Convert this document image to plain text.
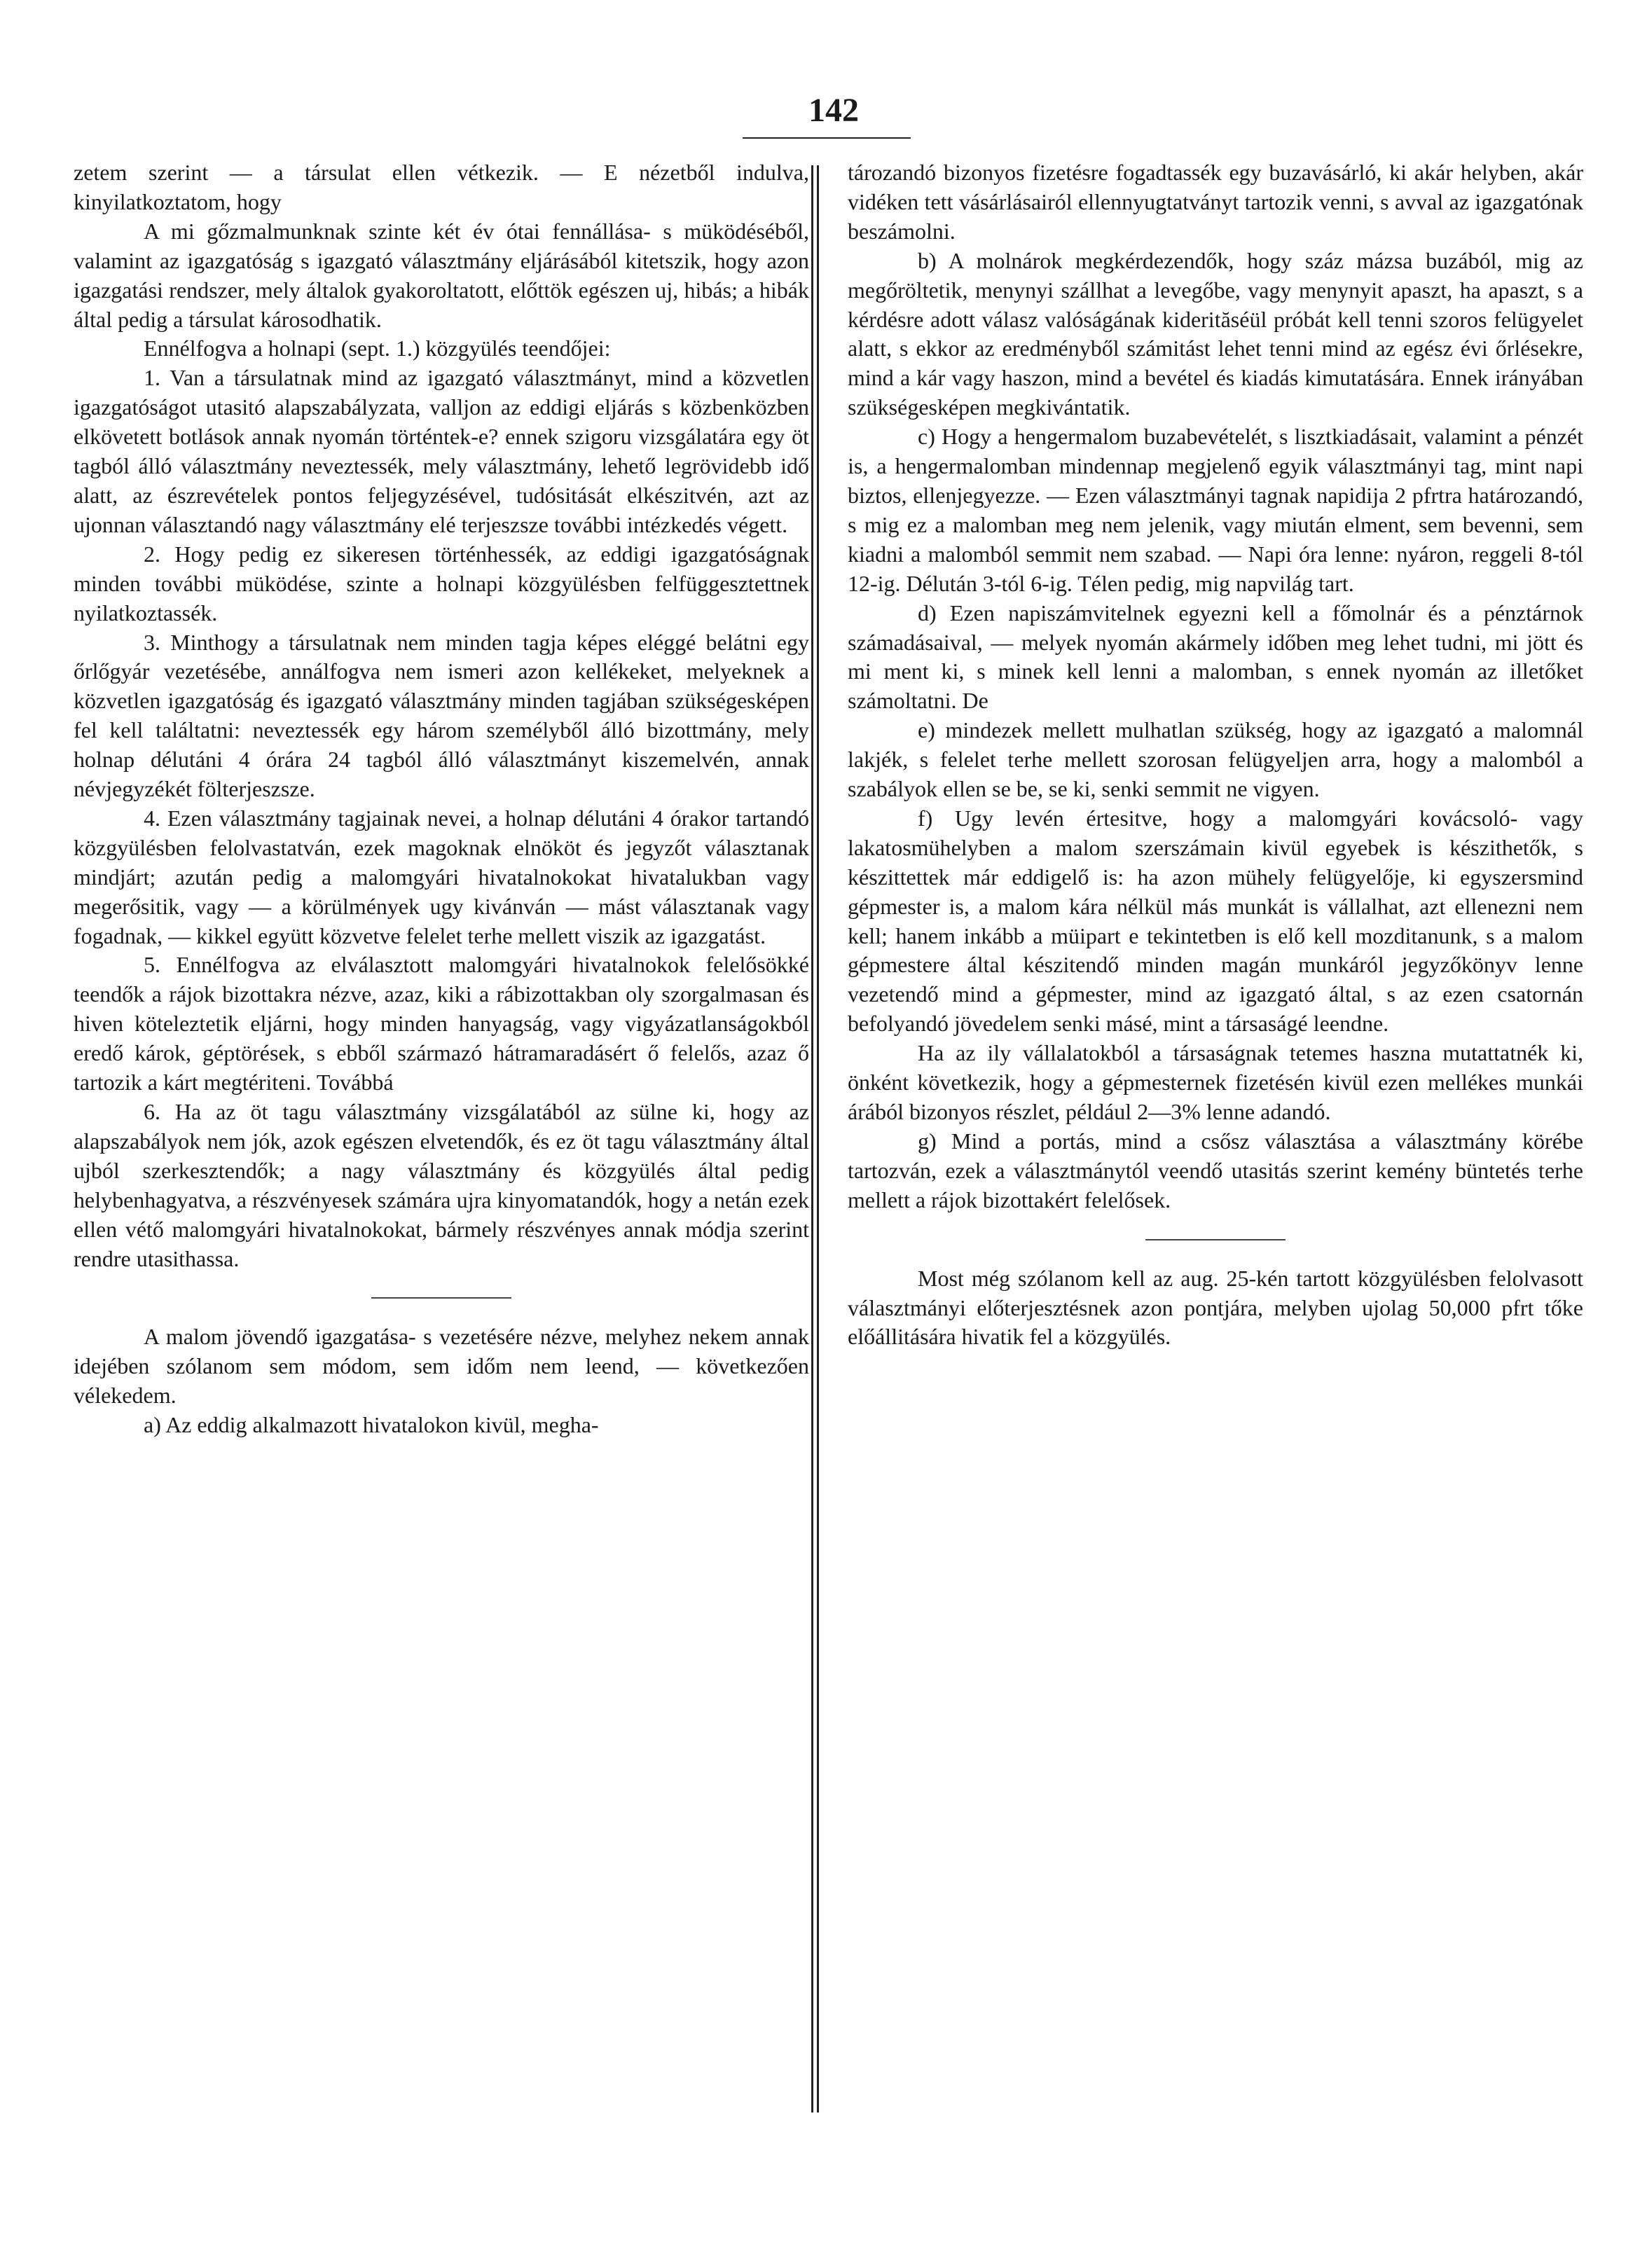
142

zetem szerint — a társulat ellen vétkezik. — E nézetből indulva, kinyilatkoztatom, hogy

A mi gőzmalmunknak szinte két év ótai fennállása- s müködéséből, valamint az igazgatóság s igazgató választmány eljárásából kitetszik, hogy azon igazgatási rendszer, mely általok gyakoroltatott, előttök egészen uj, hibás; a hibák által pedig a társulat károsodhatik.

Ennélfogva a holnapi (sept. 1.) közgyülés teendőjei:

1. Van a társulatnak mind az igazgató választmányt, mind a közvetlen igazgatóságot utasitó alapszabályzata, valljon az eddigi eljárás s közbenközben elkövetett botlások annak nyomán történtek-e? ennek szigoru vizsgálatára egy öt tagból álló választmány neveztessék, mely választmány, lehető legrövidebb idő alatt, az észrevételek pontos feljegyzésével, tudósitását elkészitvén, azt az ujonnan választandó nagy választmány elé terjeszsze további intézkedés végett.

2. Hogy pedig ez sikeresen történhessék, az eddigi igazgatóságnak minden további müködése, szinte a holnapi közgyülésben felfüggesztettnek nyilatkoztassék.

3. Minthogy a társulatnak nem minden tagja képes eléggé belátni egy őrlőgyár vezetésébe, annálfogva nem ismeri azon kellékeket, melyeknek a közvetlen igazgatóság és igazgató választmány minden tagjában szükségesképen fel kell találtatni: neveztessék egy három személyből álló bizottmány, mely holnap délutáni 4 órára 24 tagból álló választmányt kiszemelvén, annak névjegyzékét fölterjeszsze.

4. Ezen választmány tagjainak nevei, a holnap délutáni 4 órakor tartandó közgyülésben felolvastatván, ezek magoknak elnököt és jegyzőt választanak mindjárt; azután pedig a malomgyári hivatalnokokat hivatalukban vagy megerősitik, vagy — a körülmények ugy kivánván — mást választanak vagy fogadnak, — kikkel együtt közvetve felelet terhe mellett viszik az igazgatást.

5. Ennélfogva az elválasztott malomgyári hivatalnokok felelősökké teendők a rájok bizottakra nézve, azaz, kiki a rábizottakban oly szorgalmasan és hiven köteleztetik eljárni, hogy minden hanyagság, vagy vigyázatlanságokból eredő károk, géptörések, s ebből származó hátramaradásért ő felelős, azaz ő tartozik a kárt megtériteni. Továbbá

6. Ha az öt tagu választmány vizsgálatából az sülne ki, hogy az alapszabályok nem jók, azok egészen elvetendők, és ez öt tagu választmány által ujból szerkesztendők; a nagy választmány és közgyülés által pedig helybenhagyatva, a részvényesek számára ujra kinyomatandók, hogy a netán ezek ellen vétő malomgyári hivatalnokokat, bármely részvényes annak módja szerint rendre utasithassa.

A malom jövendő igazgatása- s vezetésére nézve, melyhez nekem annak idejében szólanom sem módom, sem időm nem leend, — következően vélekedem.

a) Az eddig alkalmazott hivatalokon kivül, megha-

tározandó bizonyos fizetésre fogadtassék egy buzavásárló, ki akár helyben, akár vidéken tett vásárlásairól ellennyugtatványt tartozik venni, s avval az igazgatónak beszámolni.

b) A molnárok megkérdezendők, hogy száz mázsa buzából, mig az megőröltetik, menynyi szállhat a levegőbe, vagy menynyit apaszt, ha apaszt, s a kérdésre adott válasz valóságának kiderităséül próbát kell tenni szoros felügyelet alatt, s ekkor az eredményből számitást lehet tenni mind az egész évi őrlésekre, mind a kár vagy haszon, mind a bevétel és kiadás kimutatására. Ennek irányában szükségesképen megkivántatik.

c) Hogy a hengermalom buzabevételét, s lisztkiadásait, valamint a pénzét is, a hengermalomban mindennap megjelenő egyik választmányi tag, mint napi biztos, ellenjegyezze. — Ezen választmányi tagnak napidija 2 pfrtra határozandó, s mig ez a malomban meg nem jelenik, vagy miután elment, sem bevenni, sem kiadni a malomból semmit nem szabad. — Napi óra lenne: nyáron, reggeli 8-tól 12-ig. Délután 3-tól 6-ig. Télen pedig, mig napvilág tart.

d) Ezen napiszámvitelnek egyezni kell a főmolnár és a pénztárnok számadásaival, — melyek nyomán akármely időben meg lehet tudni, mi jött és mi ment ki, s minek kell lenni a malomban, s ennek nyomán az illetőket számoltatni. De

e) mindezek mellett mulhatlan szükség, hogy az igazgató a malomnál lakjék, s felelet terhe mellett szorosan felügyeljen arra, hogy a malomból a szabályok ellen se be, se ki, senki semmit ne vigyen.

f) Ugy levén értesitve, hogy a malomgyári kovácsoló- vagy lakatosmühelyben a malom szerszámain kivül egyebek is készithetők, s készittettek már eddigelő is: ha azon mühely felügyelője, ki egyszersmind gépmester is, a malom kára nélkül más munkát is vállalhat, azt ellenezni nem kell; hanem inkább a müipart e tekintetben is elő kell mozditanunk, s a malom gépmestere által készitendő minden magán munkáról jegyzőkönyv lenne vezetendő mind a gépmester, mind az igazgató által, s az ezen csatornán befolyandó jövedelem senki másé, mint a társaságé leendne.

Ha az ily vállalatokból a társaságnak tetemes haszna mutattatnék ki, önként következik, hogy a gépmesternek fizetésén kivül ezen mellékes munkái árából bizonyos részlet, például 2—3% lenne adandó.

g) Mind a portás, mind a csősz választása a választmány körébe tartozván, ezek a választmánytól veendő utasitás szerint kemény büntetés terhe mellett a rájok bizottakért felelősek.

Most még szólanom kell az aug. 25-kén tartott közgyülésben felolvasott választmányi előterjesztésnek azon pontjára, melyben ujolag 50,000 pfrt tőke előállitására hivatik fel a közgyülés.
